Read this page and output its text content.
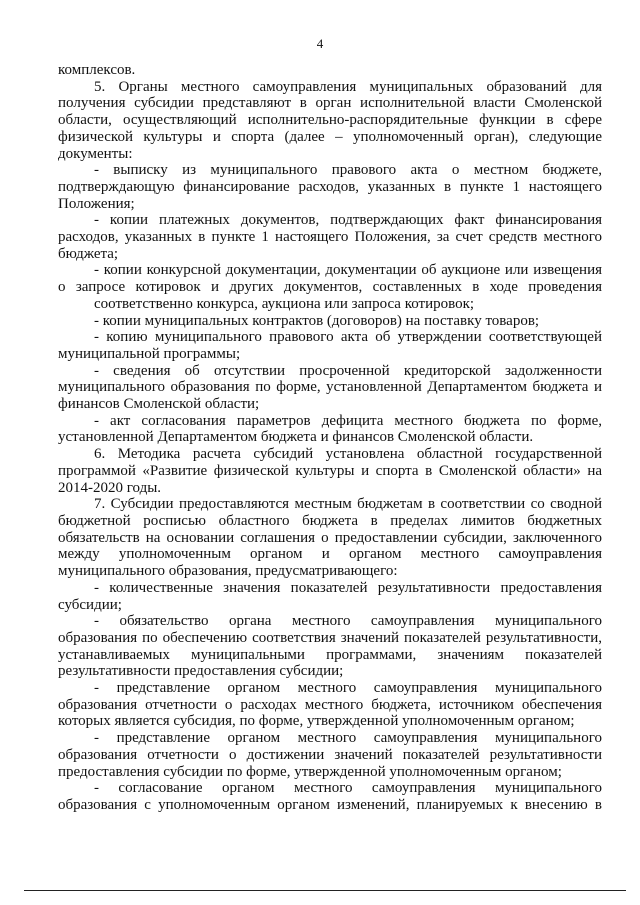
4

комплексов.

5. Органы местного самоуправления муниципальных образований для

получения субсидии представляют в орган исполнительной власти Смоленской

области, осуществляющий исполнительно-распорядительные функции в сфере

физической культуры и спорта (далее – уполномоченный орган), следующие

документы:

- выписку из муниципального правового акта о местном бюджете,

подтверждающую финансирование расходов, указанных в пункте 1 настоящего

Положения;

- копии платежных документов, подтверждающих факт финансирования

расходов, указанных в пункте 1 настоящего Положения, за счет средств местного

бюджета;

- копии конкурсной документации, документации об аукционе или извещения

о запросе котировок и других документов, составленных в ходе проведения

соответственно конкурса, аукциона или запроса котировок;

- копии муниципальных контрактов (договоров) на поставку товаров;

- копию муниципального правового акта об утверждении соответствующей

муниципальной программы;

- сведения об отсутствии просроченной кредиторской задолженности

муниципального образования по форме, установленной Департаментом бюджета и

финансов Смоленской области;

- акт согласования параметров дефицита местного бюджета по форме,

установленной Департаментом бюджета и финансов Смоленской области.

6. Методика расчета субсидий установлена областной государственной

программой «Развитие физической культуры и спорта в Смоленской области» на

2014-2020 годы.

7. Субсидии предоставляются местным бюджетам в соответствии со сводной

бюджетной росписью областного бюджета в пределах лимитов бюджетных

обязательств на основании соглашения о предоставлении субсидии, заключенного

между уполномоченным органом и органом местного самоуправления

муниципального образования, предусматривающего:

- количественные значения показателей результативности предоставления

субсидии;

- обязательство органа местного самоуправления муниципального

образования по обеспечению соответствия значений показателей результативности,

устанавливаемых муниципальными программами, значениям показателей

результативности предоставления субсидии;

- представление органом местного самоуправления муниципального

образования отчетности о расходах местного бюджета, источником обеспечения

которых является субсидия, по форме, утвержденной уполномоченным органом;

- представление органом местного самоуправления муниципального

образования отчетности о достижении значений показателей результативности

предоставления субсидии по форме, утвержденной уполномоченным органом;

- согласование органом местного самоуправления муниципального

образования с уполномоченным органом изменений, планируемых к внесению в
